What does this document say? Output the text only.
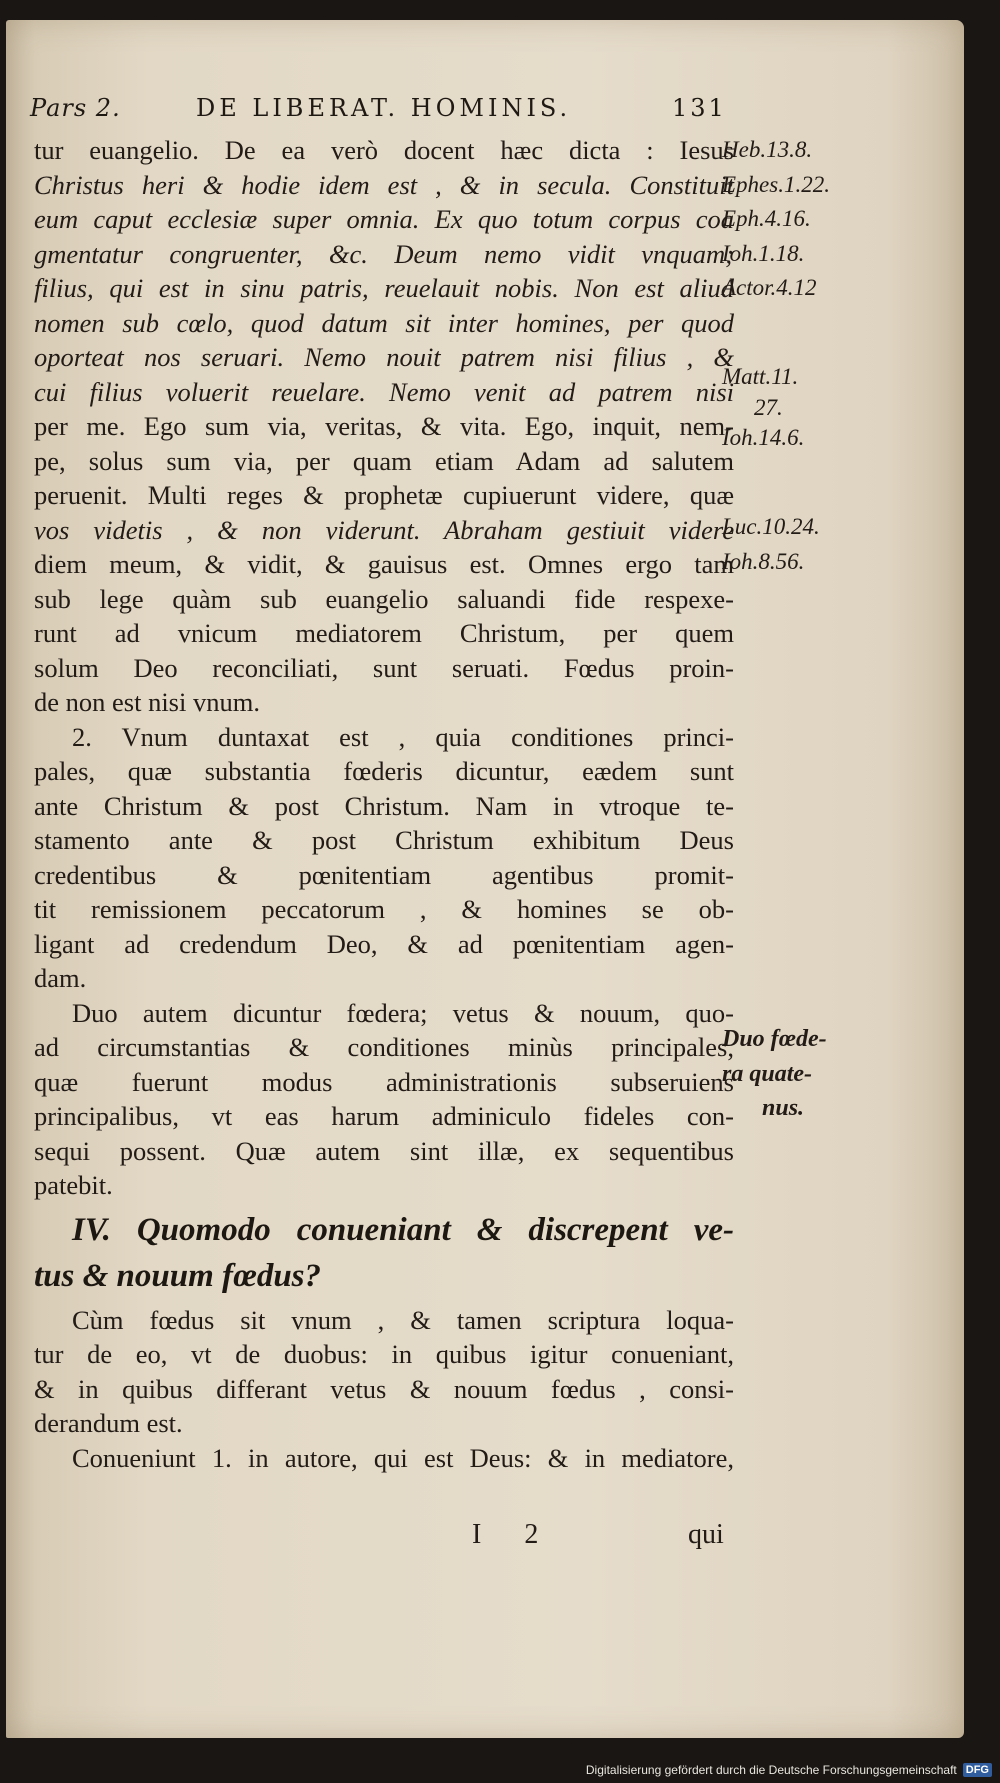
Pars 2.	DE LIBERAT. HOMINIS.	131
tur euangelio. De ea verò docent hæc dicta : Iesus
Christus heri & hodie idem est , & in secula. Constituit
eum caput ecclesiæ super omnia. Ex quo totum corpus coa
gmentatur congruenter, &c. Deum nemo vidit vnquam;
filius, qui est in sinu patris, reuelauit nobis. Non est aliud
nomen sub cœlo, quod datum sit inter homines, per quod
oporteat nos seruari. Nemo nouit patrem nisi filius , &
cui filius voluerit reuelare. Nemo venit ad patrem nisi
per me. Ego sum via, veritas, & vita. Ego, inquit, nem-
pe, solus sum via, per quam etiam Adam ad salutem
peruenit. Multi reges & prophetæ cupiuerunt videre, quæ
vos videtis , & non viderunt. Abraham gestiuit videre
diem meum, & vidit, & gauisus est. Omnes ergo tam
sub lege quàm sub euangelio saluandi fide respexe-
runt ad vnicum mediatorem Christum, per quem
solum Deo reconciliati, sunt seruati. Fœdus proin-
de non est nisi vnum.
2. Vnum duntaxat est , quia conditiones princi-
pales, quæ substantia fœderis dicuntur, eædem sunt
ante Christum & post Christum. Nam in vtroque te-
stamento ante & post Christum exhibitum Deus
credentibus & pœnitentiam agentibus promit-
tit remissionem peccatorum , & homines se ob-
ligant ad credendum Deo, & ad pœnitentiam agen-
dam.
Duo autem dicuntur fœdera; vetus & nouum, quo-
ad circumstantias & conditiones minùs principales,
quæ fuerunt modus administrationis subseruiens
principalibus, vt eas harum adminiculo fideles con-
sequi possent. Quæ autem sint illæ, ex sequentibus
patebit.
IV. Quomodo conueniant & discrepent ve-
tus & nouum fœdus?
Cùm fœdus sit vnum , & tamen scriptura loqua-
tur de eo, vt de duobus: in quibus igitur conueniant,
& in quibus differant vetus & nouum fœdus , consi-
derandum est.
Conueniunt 1. in autore, qui est Deus: & in mediatore,
Heb.13.8.
Ephes.1.22.
Eph.4.16.
Ioh.1.18.
Actor.4.12
Matt.11.
27.
Ioh.14.6.
Luc.10.24.
Ioh.8.56.
Duo fœde-
ra quate-
nus.
I 2	qui
Digitalisierung gefördert durch die Deutsche Forschungsgemeinschaft DFG
